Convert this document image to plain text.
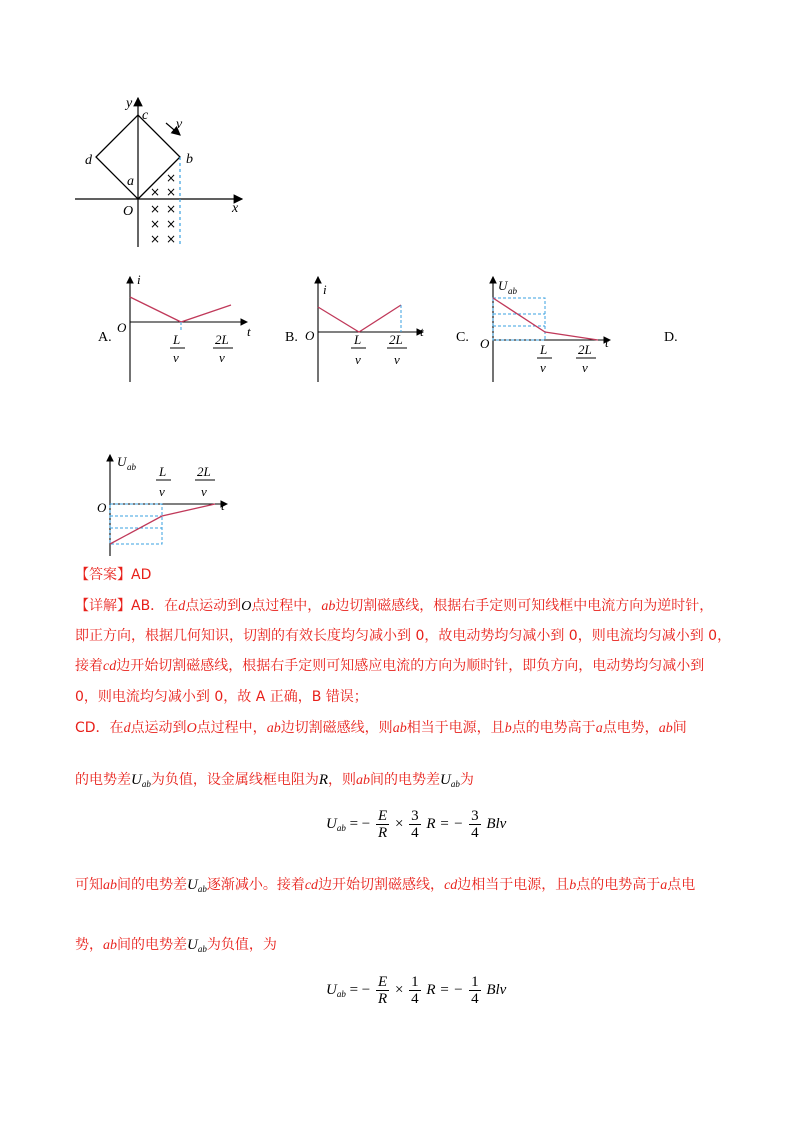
×
× ×
× ×
× ×
× ×
y
x
O
a
b
c
d
v
A.
i
t
O
L
v
2L
v
B.
i
t
O	L
v
2L
v
C.
U ab
t
O	L
v
2L
v
D.
U ab
t
O
L
v
2L
v
【答案】AD
【详解】AB．在d点运动到O点过程中，ab边切割磁感线，根据右手定则可知线框中电流方向为逆时针，
即正方向，根据几何知识，切割的有效长度均匀减小到 0，故电动势均匀减小到 0，则电流均匀减小到 0，
接着cd边开始切割磁感线，根据右手定则可知感应电流的方向为顺时针，即负方向，电动势均匀减小到
0，则电流均匀减小到 0，故 A 正确，B 错误；
CD．在d点运动到O点过程中，ab边切割磁感线，则ab相当于电源，且b点的电势高于a点电势，ab间
的电势差$U_{ab}$为负值，设金属线框电阻为R，则ab间的电势差$U_{ab}$为
$U_{ab}$ = − $\frac{E}{R} \times \frac{3}{4}$ R = − $\frac{3}{4}$ Blv
可知ab间的电势差$U_{ab}$逐渐减小。接着cd边开始切割磁感线，cd边相当于电源，且b点的电势高于a点电
势，ab间的电势差$U_{ab}$为负值，为
$U_{ab}$ = − $\frac{E}{R} \times \frac{1}{4}$ R = − $\frac{1}{4}$ Blv
